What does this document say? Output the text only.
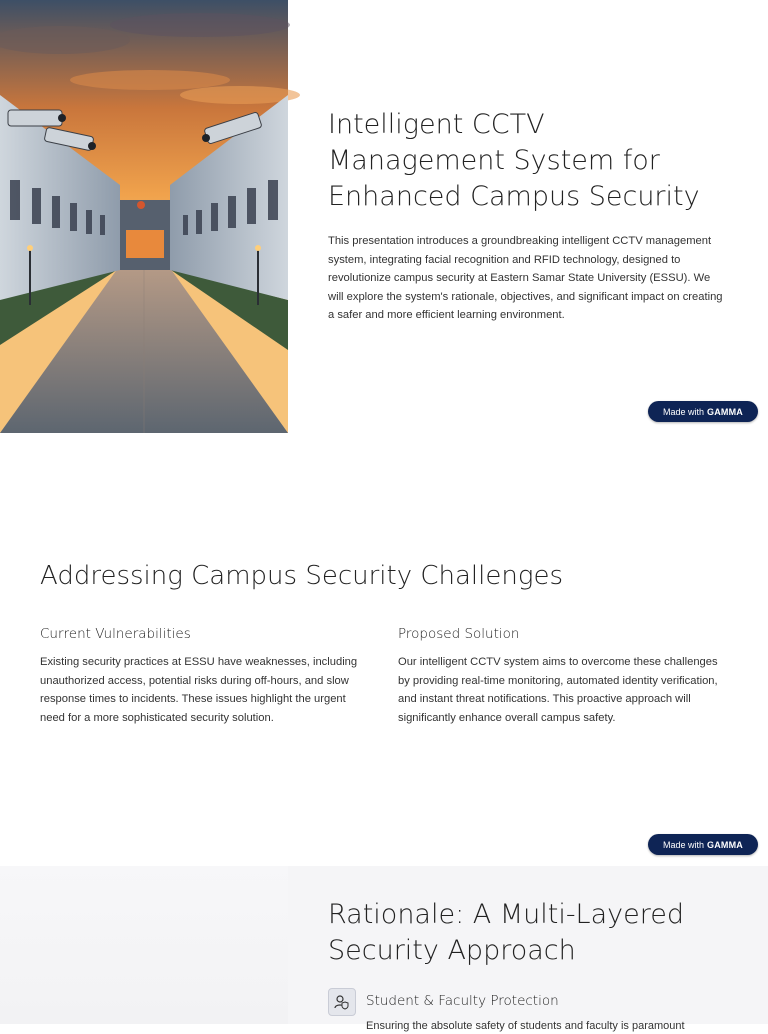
Intelligent CCTV Management System for Enhanced Campus Security

This presentation introduces a groundbreaking intelligent CCTV management system, integrating facial recognition and RFID technology, designed to revolutionize campus security at Eastern Samar State University (ESSU). We will explore the system's rationale, objectives, and significant impact on creating a safer and more efficient learning environment.

Made with GAMMA
Addressing Campus Security Challenges
Current Vulnerabilities

Existing security practices at ESSU have weaknesses, including unauthorized access, potential risks during off-hours, and slow response times to incidents. These issues highlight the urgent need for a more sophisticated security solution.

Proposed Solution

Our intelligent CCTV system aims to overcome these challenges by providing real-time monitoring, automated identity verification, and instant threat notifications. This proactive approach will significantly enhance overall campus safety.

Made with GAMMA
Rationale: A Multi-Layered Security Approach
Student & Faculty Protection

Ensuring the absolute safety of students and faculty is paramount
